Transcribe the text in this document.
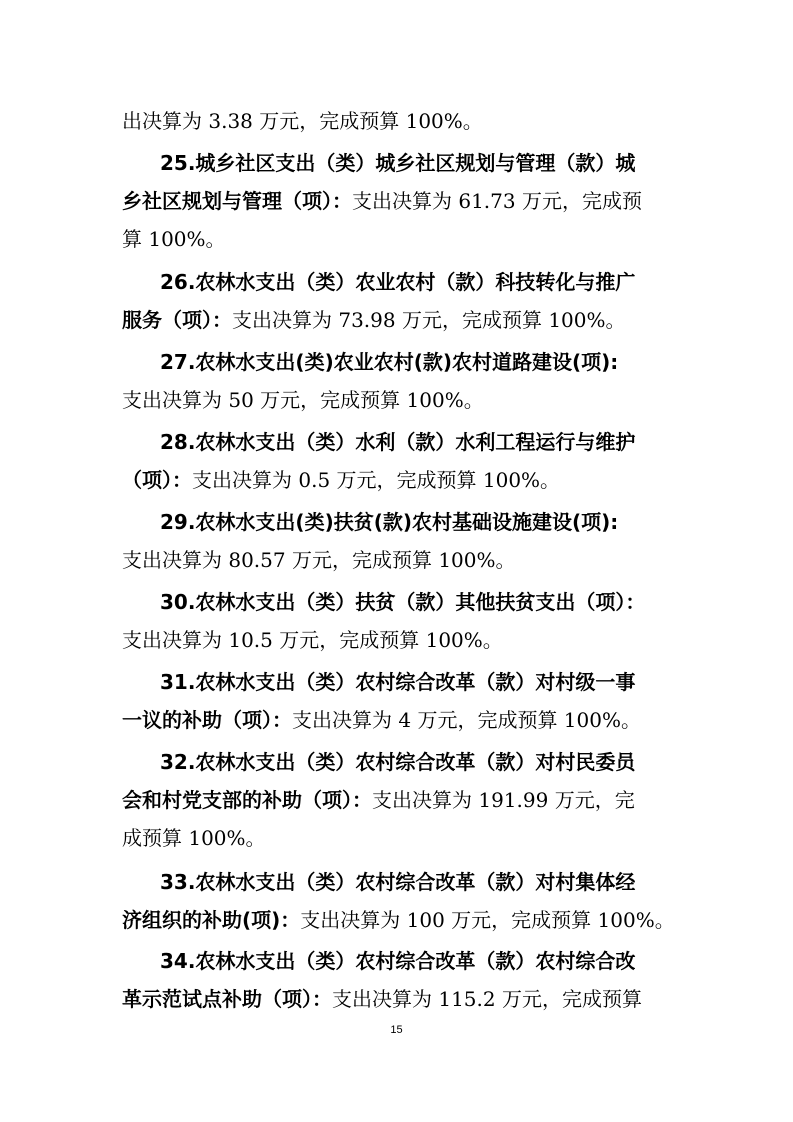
出决算为 3.38 万元，完成预算 100%。
25.城乡社区支出（类）城乡社区规划与管理（款）城
乡社区规划与管理（项）：支出决算为 61.73 万元，完成预
算 100%。
26.农林水支出（类）农业农村（款）科技转化与推广
服务（项）：支出决算为 73.98 万元，完成预算 100%。
27.农林水支出(类)农业农村(款)农村道路建设(项):
支出决算为 50 万元，完成预算 100%。
28.农林水支出（类）水利（款）水利工程运行与维护
（项）：支出决算为 0.5 万元，完成预算 100%。
29.农林水支出(类)扶贫(款)农村基础设施建设(项):
支出决算为 80.57 万元，完成预算 100%。
30.农林水支出（类）扶贫（款）其他扶贫支出（项）：
支出决算为 10.5 万元，完成预算 100%。
31.农林水支出（类）农村综合改革（款）对村级一事
一议的补助（项）：支出决算为 4 万元，完成预算 100%。
32.农林水支出（类）农村综合改革（款）对村民委员
会和村党支部的补助（项）：支出决算为 191.99 万元，完
成预算 100%。
33.农林水支出（类）农村综合改革（款）对村集体经
济组织的补助(项)：支出决算为 100 万元，完成预算 100%。
34.农林水支出（类）农村综合改革（款）农村综合改
革示范试点补助（项）：支出决算为 115.2 万元，完成预算
15
